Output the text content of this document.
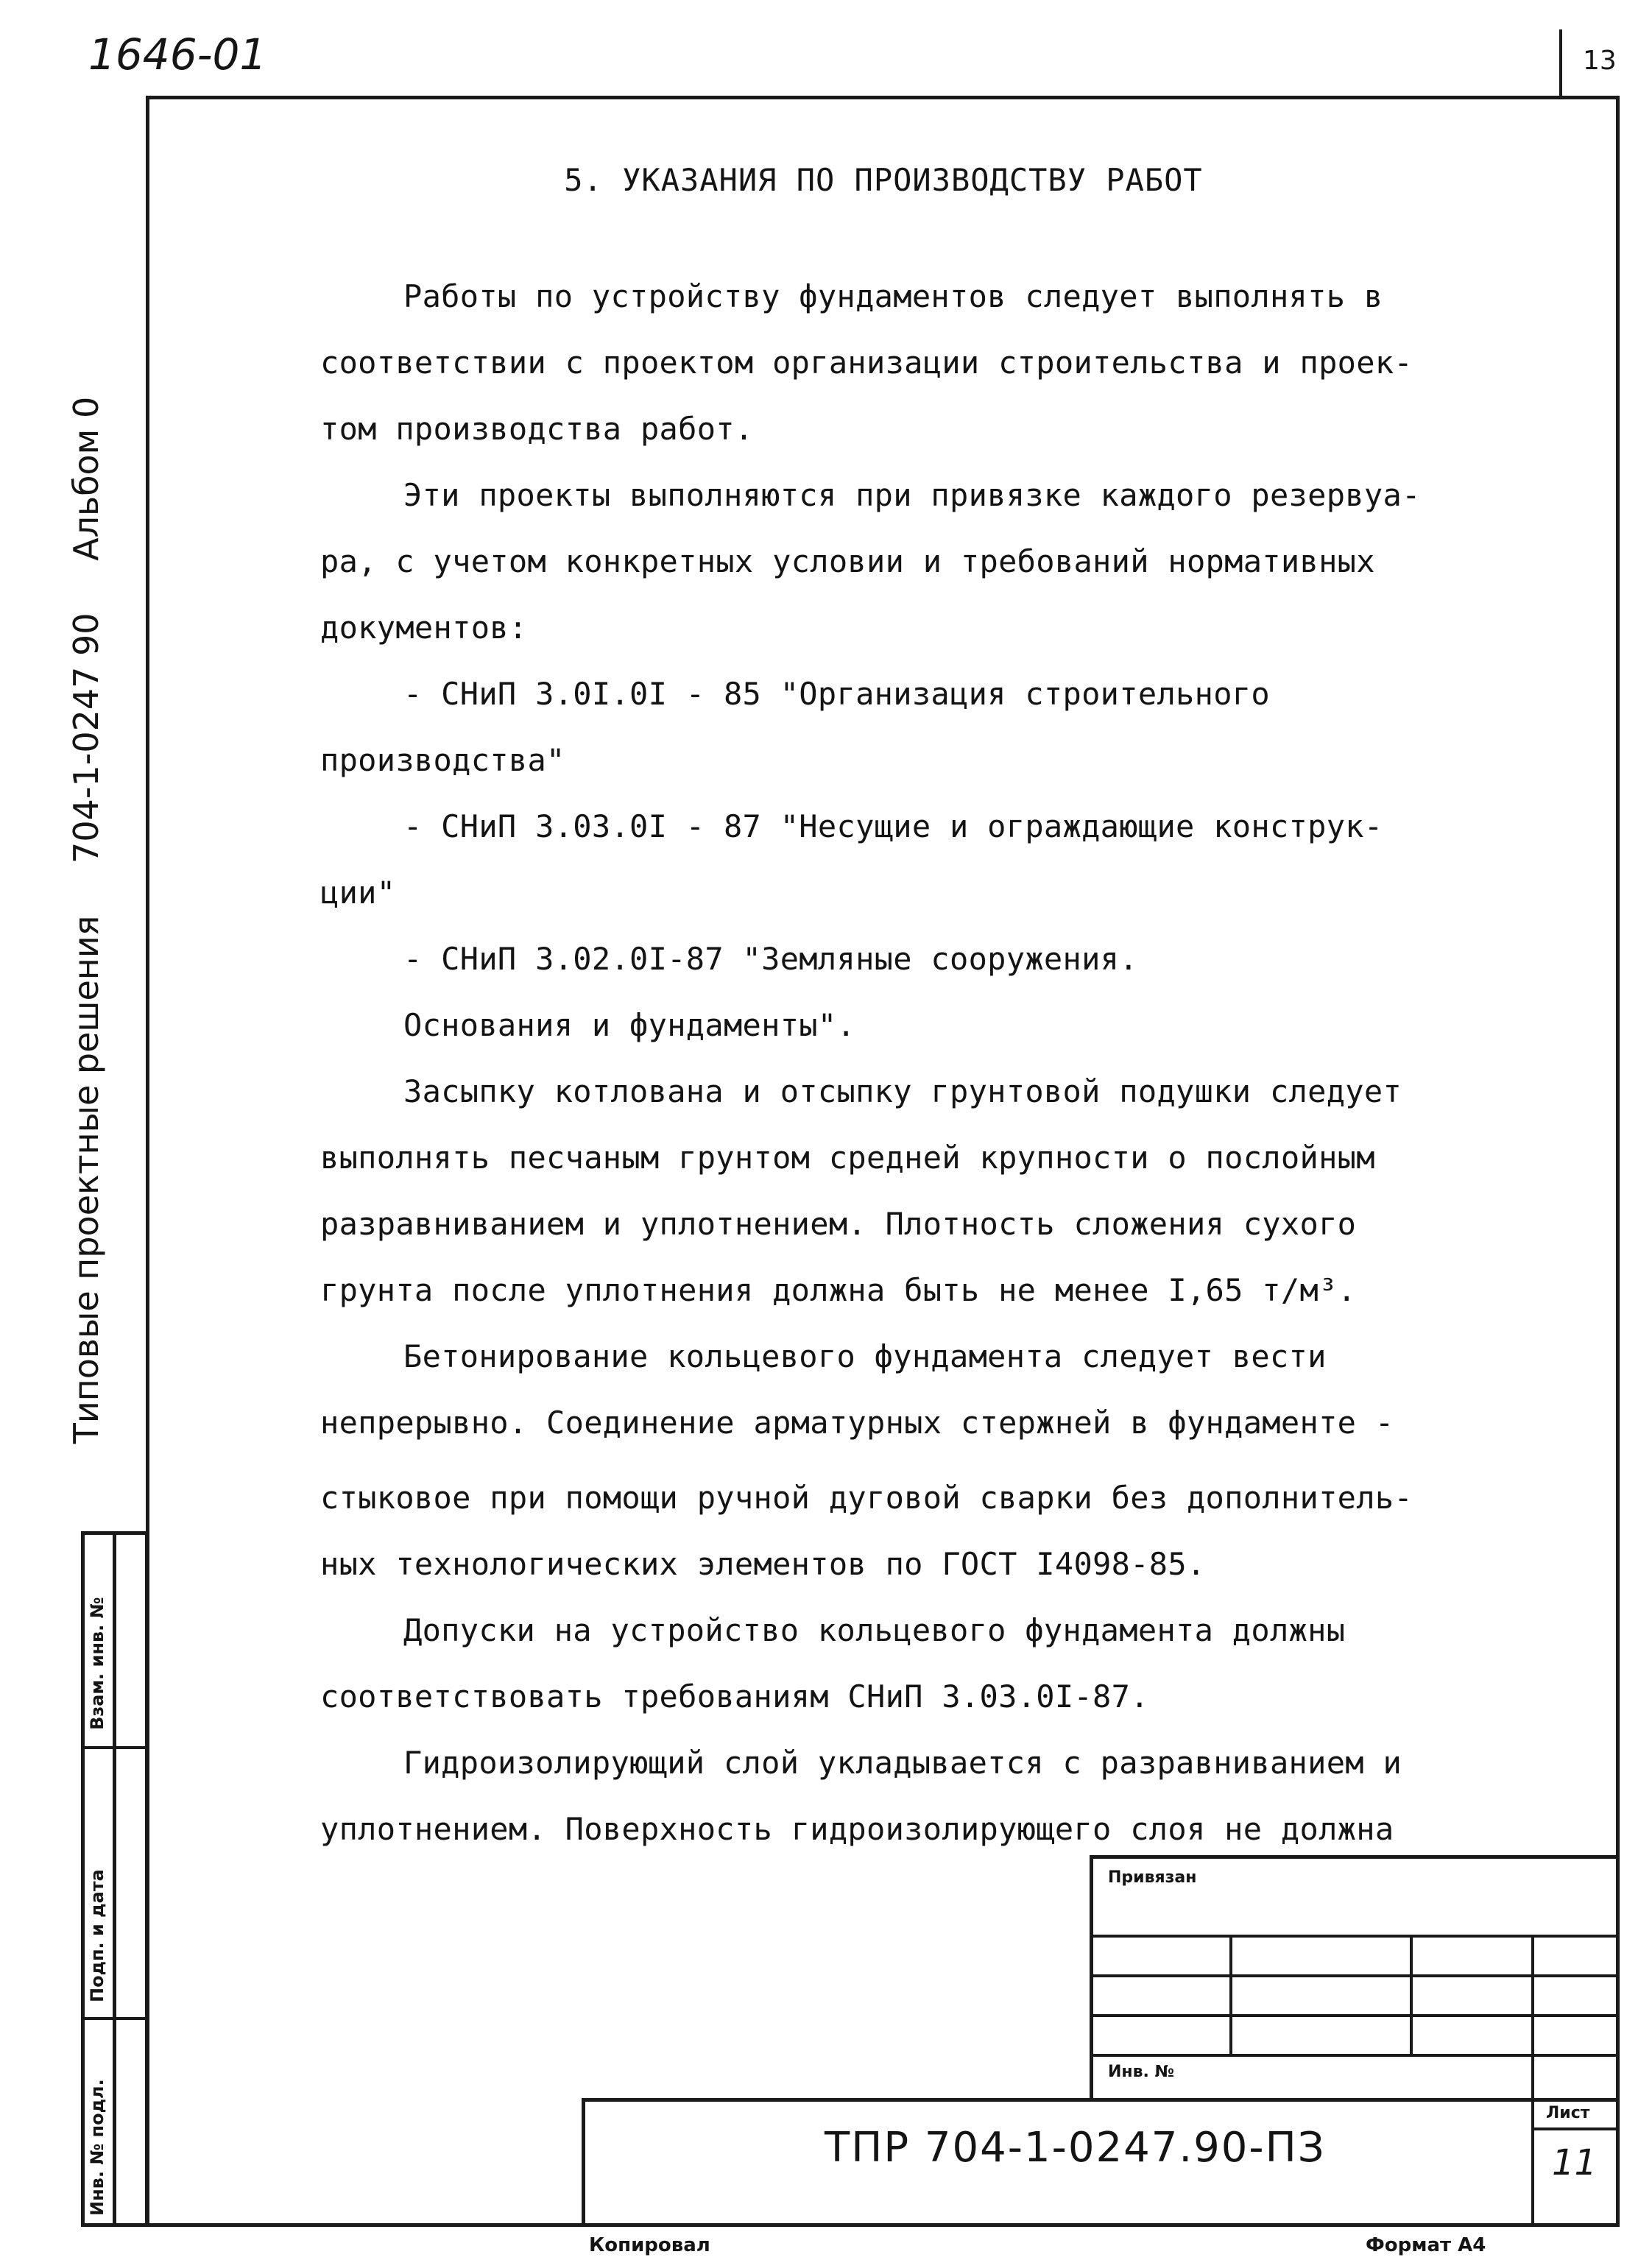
1646-01	13
Типовые проектные решения 704-1-0247 90 Альбом 0
Взам. инв. №
Подп. и дата
Инв. № подл.
5. УКАЗАНИЯ ПО ПРОИЗВОДСТВУ РАБОТ
Работы по устройству фундаментов следует выполнять в
соответствии с проектом организации строительства и проек-
том производства работ.
Эти проекты выполняются при привязке каждого резервуа-
ра, с учетом конкретных условии и требований нормативных
документов:
- СНиП 3.0I.0I - 85 "Организация строительного
производства"
- СНиП 3.03.0I - 87 "Несущие и ограждающие конструк-
ции"
- СНиП 3.02.0I-87 "Земляные сооружения.
Основания и фундаменты".
Засыпку котлована и отсыпку грунтовой подушки следует
выполнять песчаным грунтом средней крупности о послойным
разравниванием и уплотнением. Плотность сложения сухого
грунта после уплотнения должна быть не менее I,65 т/м³.
Бетонирование кольцевого фундамента следует вести
непрерывно. Соединение арматурных стержней в фундаменте -
стыковое при помощи ручной дуговой сварки без дополнитель-
ных технологических элементов по ГОСТ I4098-85.
Допуски на устройство кольцевого фундамента должны
соответствовать требованиям СНиП 3.03.0I-87.
Гидроизолирующий слой укладывается с разравниванием и
уплотнением. Поверхность гидроизолирующего слоя не должна
Привязан
Инв. №
ТПР 704-1-0247.90-ПЗ
Лист
11
Копировал	Формат А4
